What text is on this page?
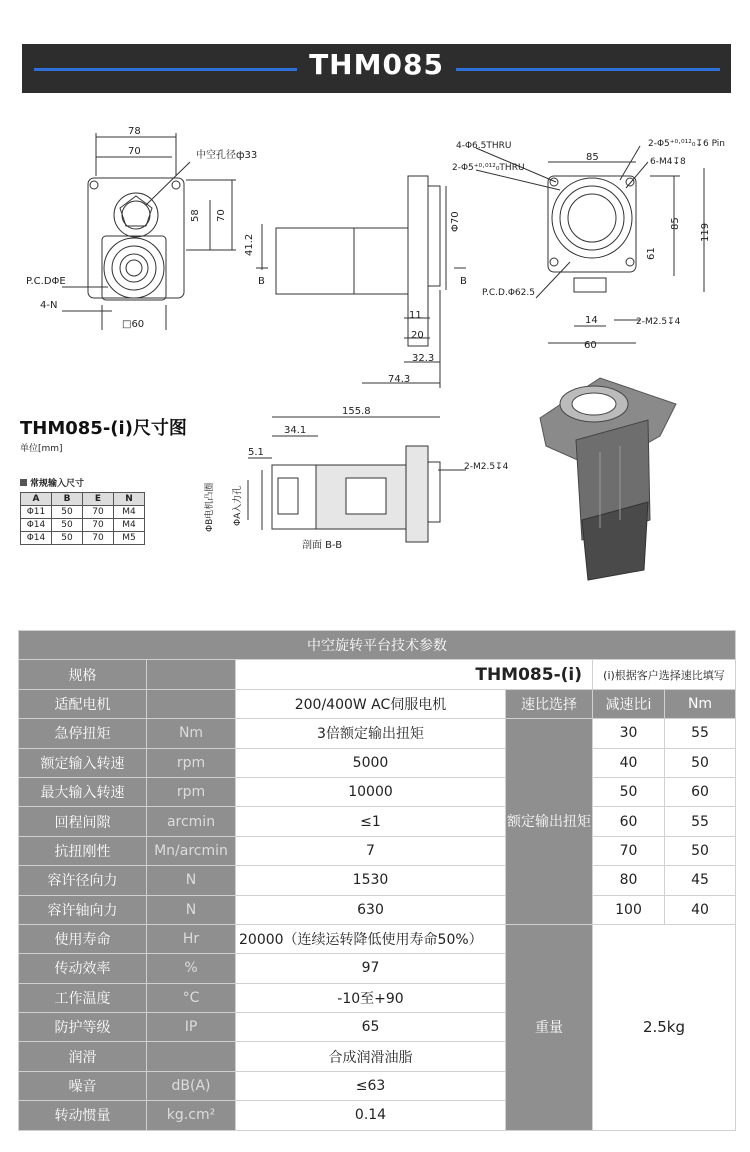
THM085
78
70	中空孔径ф33
58 70
41.2
P.C.DΦE
4-N
□60
Φ70
B	B
11
20
32.3
74.3
4-Φ6.5THRU
2-Φ5⁺⁰·⁰¹²₀THRU
2-Φ5⁺⁰·⁰¹²₀↧6 Pin
6-M4↧8
85
85 119
61
P.C.D.Φ62.5
14	2-M2.5↧4
60
155.8
34.1
5.1
2-M2.5↧4
ΦB电机凸圈 ΦA入力孔
剖面 B-B
THM085-(i)尺寸图
单位[mm]
常规输入尺寸
A	B	E	N
Φ11	50	70	M4
Φ14	50	70	M4
Φ14	50	70	M5
中空旋转平台技术参数					
规格		THM085-(i)		(i)根据客户选择速比填写	
适配电机		200/400W AC伺服电机	速比选择	减速比i	Nm
急停扭矩	Nm	3倍额定输出扭矩	额定输出扭矩	30	55
额定输入转速	rpm	5000		40	50
最大输入转速	rpm	10000		50	60
回程间隙	arcmin	≤1		60	55
抗扭刚性	Mn/arcmin	7		70	50
容许径向力	N	1530		80	45
容许轴向力	N	630		100	40
使用寿命	Hr	20000（连续运转降低使用寿命50%）	重量	2.5kg	
传动效率	%	97			
工作温度	°C	-10至+90			
防护等级	IP	65			
润滑		合成润滑油脂			
噪音	dB(A)	≤63			
转动惯量	kg.cm²	0.14			
